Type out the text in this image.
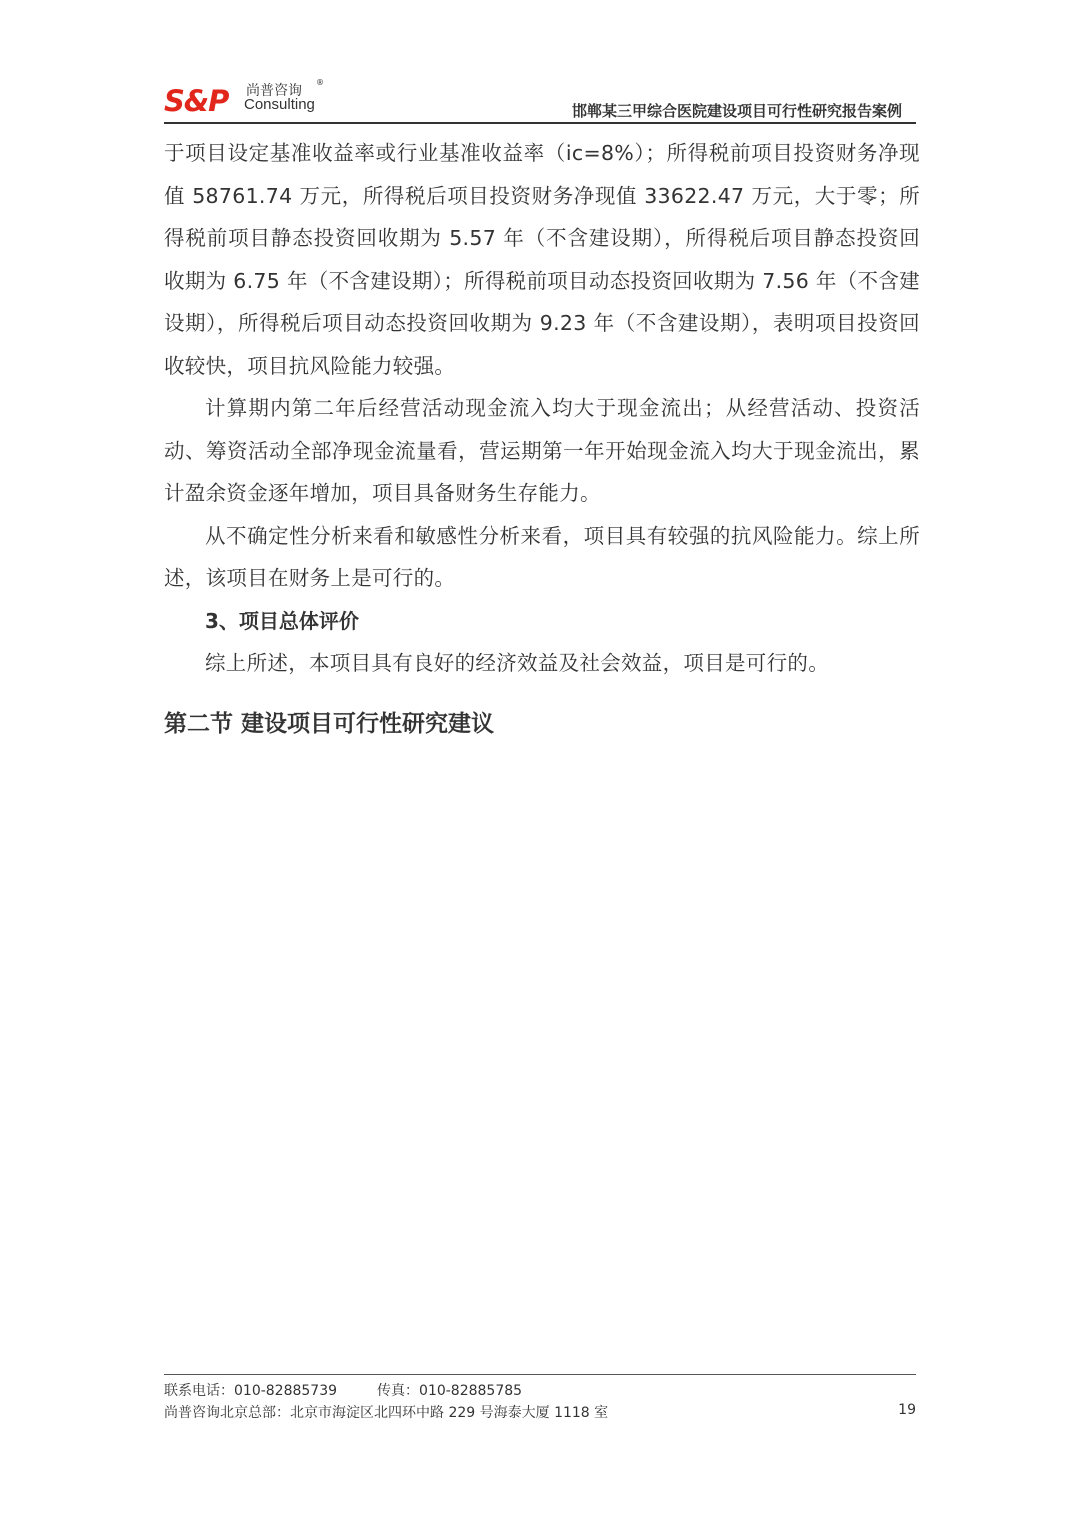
S&P 尚普咨询
®
Consulting	邯郸某三甲综合医院建设项目可行性研究报告案例

于项目设定基准收益率或行业基准收益率（ic=8%）；所得税前项目投资财务净现值 58761.74 万元，所得税后项目投资财务净现值 33622.47 万元，大于零；所得税前项目静态投资回收期为 5.57 年（不含建设期），所得税后项目静态投资回收期为 6.75 年（不含建设期）；所得税前项目动态投资回收期为 7.56 年（不含建设期），所得税后项目动态投资回收期为 9.23 年（不含建设期），表明项目投资回收较快，项目抗风险能力较强。

计算期内第二年后经营活动现金流入均大于现金流出；从经营活动、投资活动、筹资活动全部净现金流量看，营运期第一年开始现金流入均大于现金流出，累计盈余资金逐年增加，项目具备财务生存能力。

从不确定性分析来看和敏感性分析来看，项目具有较强的抗风险能力。综上所述，该项目在财务上是可行的。

3、项目总体评价

综上所述，本项目具有良好的经济效益及社会效益，项目是可行的。

第二节 建设项目可行性研究建议
联系电话：010-82885739	传真：010-82885785
尚普咨询北京总部：北京市海淀区北四环中路 229 号海泰大厦 1118 室	19
